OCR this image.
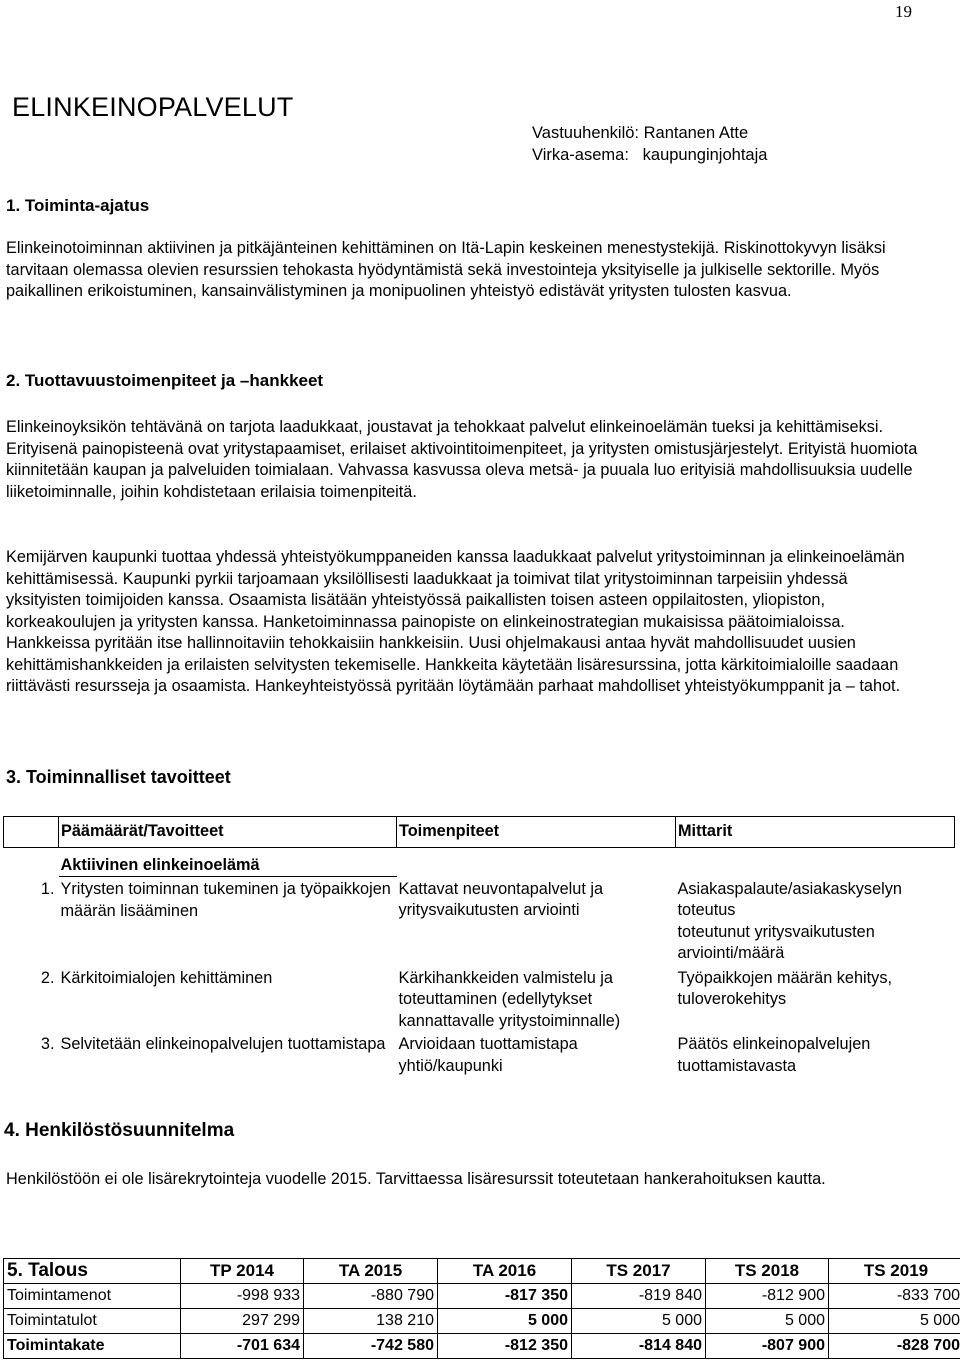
19
ELINKEINOPALVELUT
Vastuuhenkilö: Rantanen Atte
Virka-asema:   kaupunginjohtaja
1. Toiminta-ajatus

Elinkeinotoiminnan aktiivinen ja pitkäjänteinen kehittäminen on Itä-Lapin keskeinen menestystekijä. Riskinottokyvyn lisäksi tarvitaan olemassa olevien resurssien tehokasta hyödyntämistä sekä investointeja yksityiselle ja julkiselle sektorille. Myös paikallinen erikoistuminen, kansainvälistyminen ja monipuolinen yhteistyö edistävät yritysten tulosten kasvua.

2. Tuottavuustoimenpiteet ja –hankkeet

Elinkeinoyksikön tehtävänä on tarjota laadukkaat, joustavat ja tehokkaat palvelut elinkeinoelämän tueksi ja kehittämiseksi. Erityisenä painopisteenä ovat yritystapaamiset, erilaiset aktivointitoimenpiteet, ja yritysten omistusjärjestelyt. Erityistä huomiota kiinnitetään kaupan ja palveluiden toimialaan. Vahvassa kasvussa oleva metsä- ja puuala luo erityisiä mahdollisuuksia uudelle liiketoiminnalle, joihin kohdistetaan erilaisia toimenpiteitä.

Kemijärven kaupunki tuottaa yhdessä yhteistyökumppaneiden kanssa laadukkaat palvelut yritystoiminnan ja elinkeinoelämän kehittämisessä. Kaupunki pyrkii tarjoamaan yksilöllisesti laadukkaat ja toimivat tilat yritystoiminnan tarpeisiin yhdessä yksityisten toimijoiden kanssa. Osaamista lisätään yhteistyössä paikallisten toisen asteen oppilaitosten, yliopiston, korkeakoulujen ja yritysten kanssa. Hanketoiminnassa painopiste on elinkeinostrategian mukaisissa päätoimialoissa. Hankkeissa pyritään itse hallinnoitaviin tehokkaisiin hankkeisiin. Uusi ohjelmakausi antaa hyvät mahdollisuudet uusien kehittämishankkeiden ja erilaisten selvitysten tekemiselle. Hankkeita käytetään lisäresurssina, jotta kärkitoimialoille saadaan riittävästi resursseja ja osaamista. Hankeyhteistyössä pyritään löytämään parhaat mahdolliset yhteistyökumppanit ja – tahot.

3. Toiminnalliset tavoitteet
	Päämäärät/Tavoitteet	Toimenpiteet	Mittarit
	Aktiivinen elinkeinoelämä		
1.	Yritysten toiminnan tukeminen ja työpaikkojen määrän lisääminen	Kattavat neuvontapalvelut ja yritysvaikutusten arviointi	Asiakaspalaute/asiakaskyselyn toteutus
toteutunut yritysvaikutusten arviointi/määrä

2.	Kärkitoimialojen kehittäminen	Kärkihankkeiden valmistelu ja toteuttaminen (edellytykset kannattavalle yritystoiminnalle)	Työpaikkojen määrän kehitys, tuloverokehitys
3.	Selvitetään elinkeinopalvelujen tuottamistapa	Arvioidaan tuottamistapa yhtiö/kaupunki	Päätös elinkeinopalvelujen tuottamistavasta
4. Henkilöstösuunnitelma

Henkilöstöön ei ole lisärekrytointeja vuodelle 2015. Tarvittaessa lisäresurssit toteutetaan hankerahoituksen kautta.

5. Talous	TP 2014	TA 2015	TA 2016	TS 2017	TS 2018	TS 2019
Toimintamenot	-998 933	-880 790	-817 350	-819 840	-812 900	-833 700
Toimintatulot	297 299	138 210	5 000	5 000	5 000	5 000
Toimintakate	-701 634	-742 580	-812 350	-814 840	-807 900	-828 700
